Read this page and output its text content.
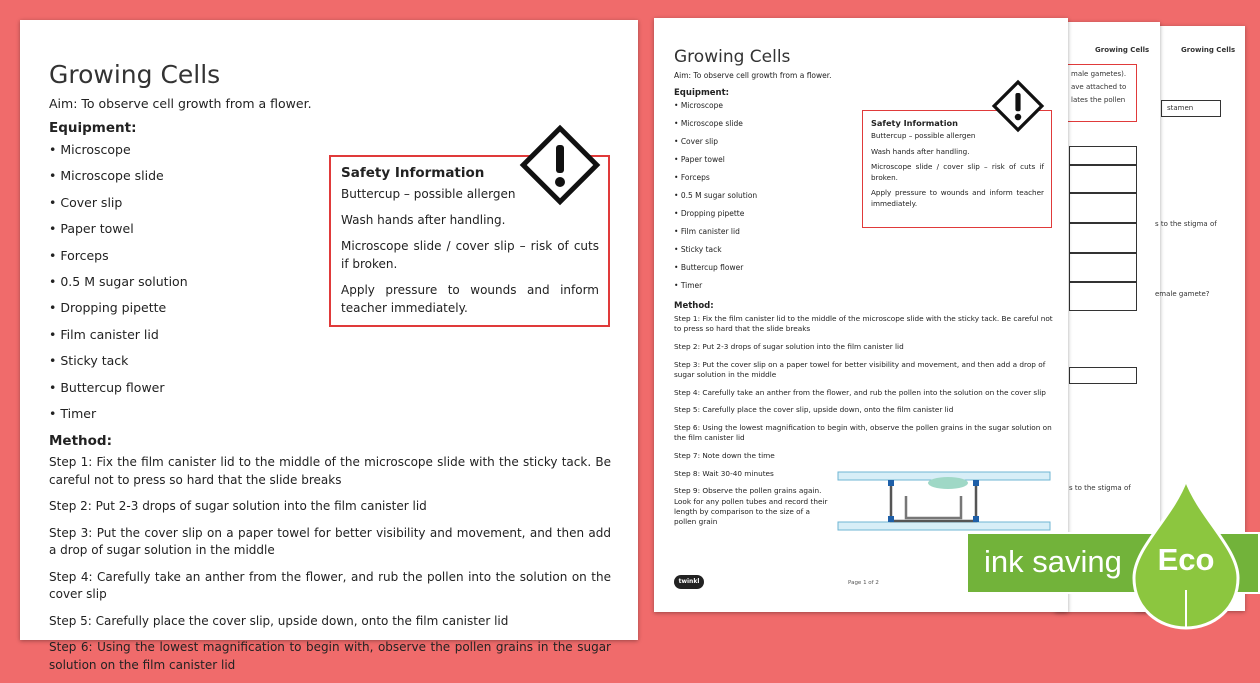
Growing Cells
stamen
Growing Cells
male gametes).
ave attached to
lates the pollen
s to the stigma of
emale gamete?
s to the stigma of
Growing Cells
Aim: To observe cell growth from a flower.
Equipment:
• Microscope
• Microscope slide
• Cover slip
• Paper towel
• Forceps
• 0.5 M sugar solution
• Dropping pipette
• Film canister lid
• Sticky tack
• Buttercup flower
• Timer
Safety Information

Buttercup – possible allergen

Wash hands after handling.

Microscope slide / cover slip – risk of cuts if broken.

Apply pressure to wounds and inform teacher immediately.

Method:
Step 1: Fix the film canister lid to the middle of the microscope slide with the sticky tack. Be careful not to press so hard that the slide breaks
Step 2: Put 2-3 drops of sugar solution into the film canister lid
Step 3: Put the cover slip on a paper towel for better visibility and movement, and then add a drop of sugar solution in the middle
Step 4: Carefully take an anther from the flower, and rub the pollen into the solution on the cover slip
Step 5: Carefully place the cover slip, upside down, onto the film canister lid
Step 6: Using the lowest magnification to begin with, observe the pollen grains in the sugar solution on the film canister lid
Step 7: Note down the time
Step 8: Wait 30-40 minutes
Step 9: Observe the pollen grains again. Look for any pollen tubes and record their length by comparison to the size of a pollen grain
twinkl	Page 1 of 2
Growing Cells
Aim: To observe cell growth from a flower.
Equipment:
• Microscope
• Microscope slide
• Cover slip
• Paper towel
• Forceps
• 0.5 M sugar solution
• Dropping pipette
• Film canister lid
• Sticky tack
• Buttercup flower
• Timer
Safety Information

Buttercup – possible allergen

Wash hands after handling.

Microscope slide / cover slip – risk of cuts if broken.

Apply pressure to wounds and inform teacher immediately.

Method:
Step 1: Fix the film canister lid to the middle of the microscope slide with the sticky tack. Be careful not to press so hard that the slide breaks
Step 2: Put 2-3 drops of sugar solution into the film canister lid
Step 3: Put the cover slip on a paper towel for better visibility and movement, and then add a drop of sugar solution in the middle
Step 4: Carefully take an anther from the flower, and rub the pollen into the solution on the cover slip
Step 5: Carefully place the cover slip, upside down, onto the film canister lid
Step 6: Using the lowest magnification to begin with, observe the pollen grains in the sugar solution on the film canister lid
ink saving	Eco
